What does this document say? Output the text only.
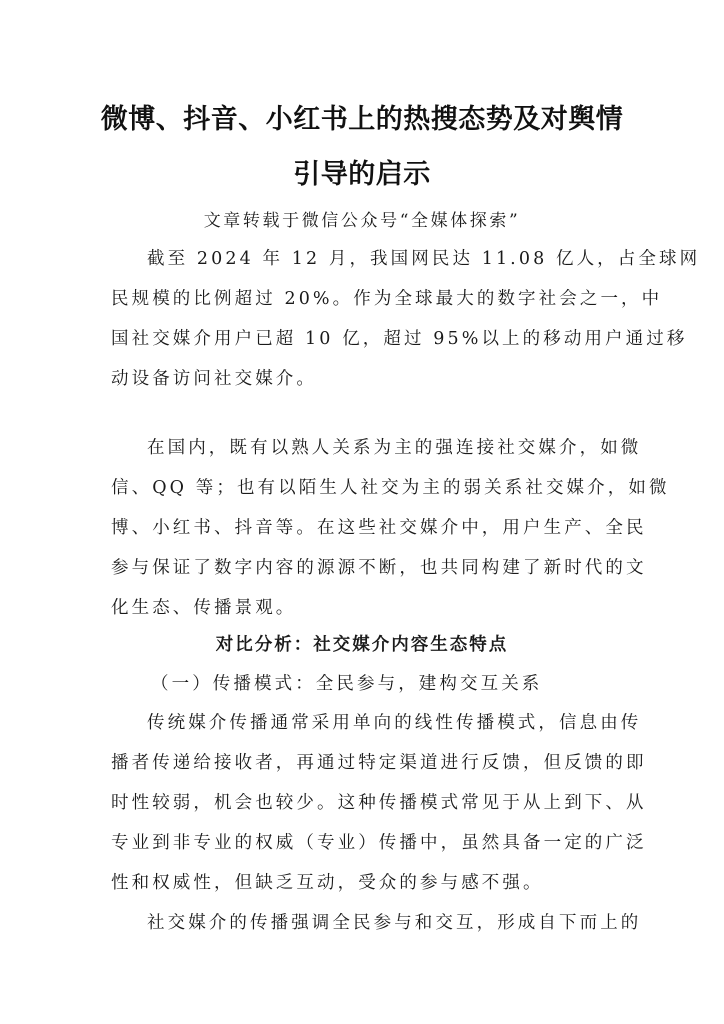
微博、抖音、小红书上的热搜态势及对舆情
引导的启示
文章转载于微信公众号“全媒体探索”
截至 2024 年 12 月，我国网民达 11.08 亿人，占全球网
民规模的比例超过 20%。作为全球最大的数字社会之一，中
国社交媒介用户已超 10 亿，超过 95%以上的移动用户通过移
动设备访问社交媒介。
在国内，既有以熟人关系为主的强连接社交媒介，如微
信、QQ 等；也有以陌生人社交为主的弱关系社交媒介，如微
博、小红书、抖音等。在这些社交媒介中，用户生产、全民
参与保证了数字内容的源源不断，也共同构建了新时代的文
化生态、传播景观。
对比分析：社交媒介内容生态特点
（一）传播模式：全民参与，建构交互关系
传统媒介传播通常采用单向的线性传播模式，信息由传
播者传递给接收者，再通过特定渠道进行反馈，但反馈的即
时性较弱，机会也较少。这种传播模式常见于从上到下、从
专业到非专业的权威（专业）传播中，虽然具备一定的广泛
性和权威性，但缺乏互动，受众的参与感不强。
社交媒介的传播强调全民参与和交互，形成自下而上的
